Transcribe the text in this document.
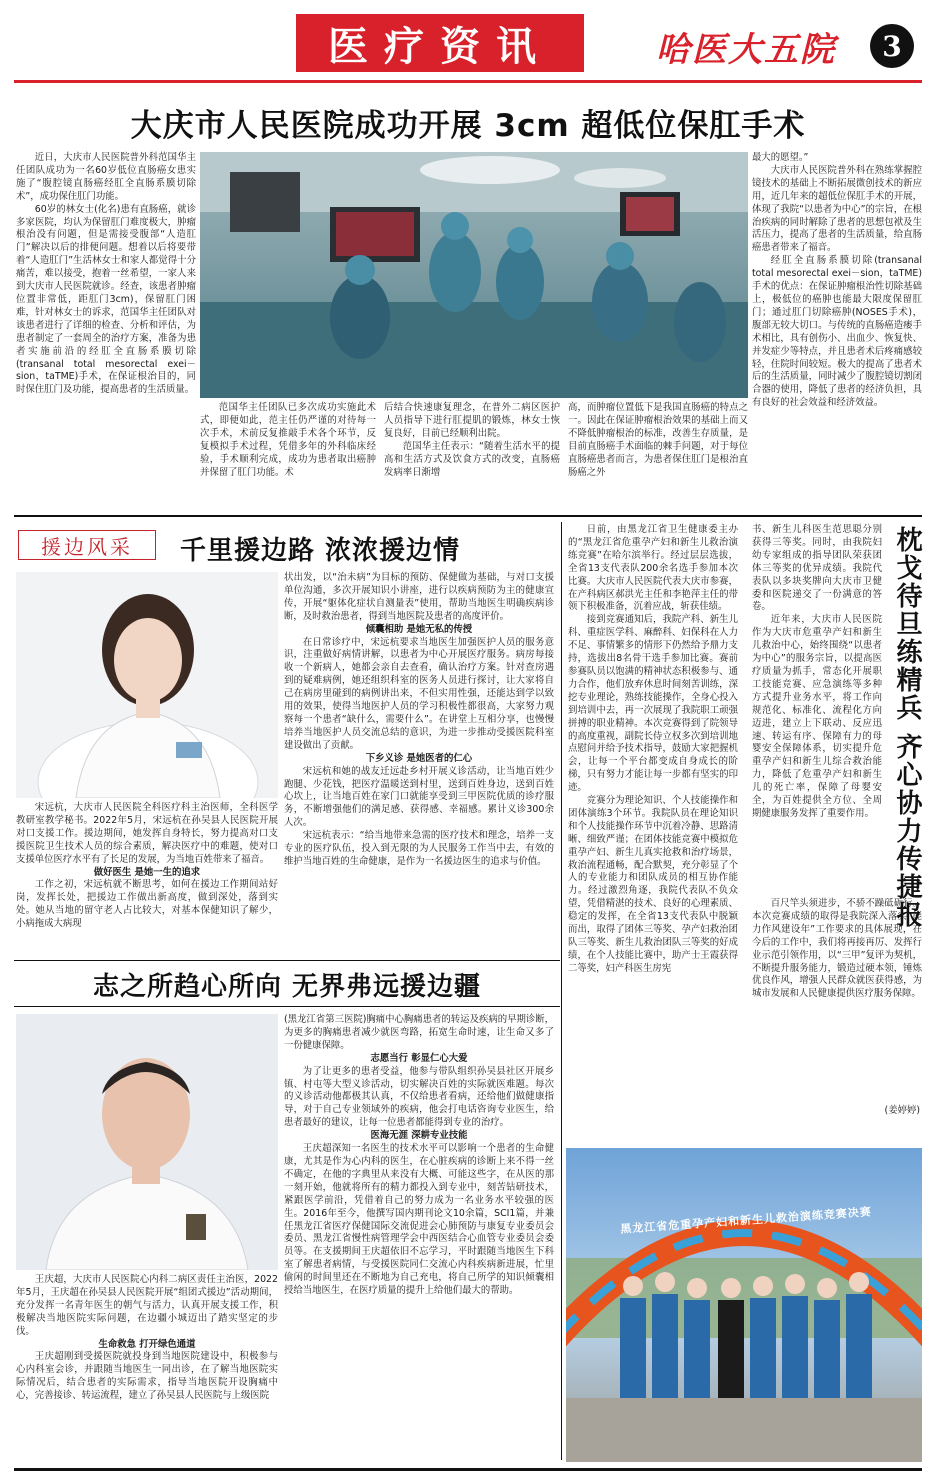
医疗资讯	哈医大五院	3
大庆市人民医院成功开展 3cm 超低位保肛手术

近日，大庆市人民医院普外科范国华主任团队成功为一名60岁低位直肠癌女患实施了“腹腔镜直肠癌经肛全直肠系膜切除术”，成功保住肛门功能。

60岁的林女士(化名)患有直肠癌，就诊多家医院，均认为保留肛门难度极大，肿瘤根治没有问题，但是需接受腹部“人造肛门”解决以后的排便问题。想着以后将要带着“人造肛门”生活林女士和家人都觉得十分痛苦，难以接受，抱着一丝希望，一家人来到大庆市人民医院就诊。经查，该患者肿瘤位置非常低，距肛门3cm)，保留肛门困难，针对林女士的诉求，范国华主任团队对该患者进行了详细的检查、分析和评估，为患者制定了一套周全的治疗方案，准备为患者实施前沿的经肛全直肠系膜切除(transanal total mesorectal exei－sion，taTME)手术，在保证根治目的，同时保住肛门及功能，提高患者的生活质量。

范国华主任团队已多次成功实施此术式，即便如此，范主任仍严谨的对待每一次手术，术前反复推敲手术各个环节，反复模拟手术过程，凭借多年的外科临床经验，手术顺利完成，成功为患者取出癌肿并保留了肛门功能。术

后结合快速康复理念，在普外二病区医护人员指导下进行肛提肌的锻炼，林女士恢复良好，目前已经顺利出院。

范国华主任表示：“随着生活水平的提高和生活方式及饮食方式的改变，直肠癌发病率日渐增

高，而肿瘤位置低下是我国直肠癌的特点之一。因此在保证肿瘤根治效果的基础上而又不降低肿瘤根治的标准，改善生存质量，是目前直肠癌手术面临的棘手问题，对于每位直肠癌患者而言，为患者保住肛门是根治直肠癌之外

最大的愿望。”

大庆市人民医院普外科在熟练掌握腔镜技术的基础上不断拓展微创技术的新应用，近几年来的超低位保肛手术的开展，体现了我院“以患者为中心”的宗旨，在根治疾病的同时解除了患者的思想包袱及生活压力，提高了患者的生活质量，给直肠癌患者带来了福音。

经肛全直肠系膜切除(transanal total mesorectal exei－sion，taTME)手术的优点：在保证肿瘤根治性切除基础上，极低位的癌肿也能最大限度保留肛门；通过肛门切除癌肿(NOSES手术)，腹部无较大切口。与传统的直肠癌造瘘手术相比，具有创伤小、出血少、恢复快、并发症少等特点，并且患者术后疼痛感较轻，住院时间较短。极大的提高了患者术后的生活质量，同时减少了腹腔镜切割闭合器的使用，降低了患者的经济负担，具有良好的社会效益和经济效益。

援边风采 千里援边路 浓浓援边情

宋远杭，大庆市人民医院全科医疗科主治医师，全科医学教研室教学秘书。2022年5月，宋远杭在孙吴县人民医院开展对口支援工作。援边期间，她发挥自身特长，努力提高对口支援医院卫生技术人员的综合素质，解决医疗中的难题，使对口支援单位医疗水平有了长足的发展，为当地百姓带来了福音。

做好医生 是她一生的追求

工作之初，宋远杭就不断思考，如何在援边工作期间站好岗，发挥长处，把援边工作做出新高度，做到深处，落到实处。她从当地的留守老人占比较大，对基本保健知识了解少，小病拖成大病现

状出发，以“治未病”为目标的预防、保健做为基础，与对口支援单位沟通，多次开展知识小讲座，进行以疾病预防为主的健康宣传，开展“躯体化症状自测量表”使用，帮助当地医生明确疾病诊断，及时救治患者，得到当地医院及患者的高度评价。

倾囊相助 是她无私的传授

在日常诊疗中，宋远杭要求当地医生加强医护人员的服务意识，注重做好病情讲解，以患者为中心开展医疗服务。病房每接收一个新病人，她都会亲自去查看，确认治疗方案。针对查房遇到的疑难病例，她还组织科室的医务人员进行探讨，让大家将自己在病房里碰到的病例讲出来，不但实用性强，还能达到学以致用的效果，使得当地医护人员的学习积极性都很高，大家努力观察每一个患者“缺什么，需要什么”。在讲堂上互相分享，也慢慢培养当地医护人员交流总结的意识，为进一步推动受援医院科室建设做出了贡献。

下乡义诊 是她医者的仁心

宋远杭和她的战友迁远赴乡村开展义诊活动，让当地百姓少跑腿、少花钱，把医疗温暖送到村里，送到百姓身边，送到百姓心坎上，让当地百姓在家门口就能享受到三甲医院优质的诊疗服务，不断增强他们的满足感、获得感、幸福感。累计义诊300余人次。

宋远杭表示：“给当地带来急需的医疗技术和理念，培养一支专业的医疗队伍，投入到无限的为人民服务工作当中去，有效的维护当地百姓的生命健康，是作为一名援边医生的追求与价值。

志之所趋心所向 无界弗远援边疆

王庆超，大庆市人民医院心内科二病区责任主治医，2022年5月，王庆超在孙吴县人民医院开展“组团式援边”活动期间，充分发挥一名青年医生的朝气与活力，认真开展支援工作，积极解决当地医院实际问题，在边疆小城迈出了踏实坚定的步伐。

生命救急 打开绿色通道

王庆超刚到受援医院就投身到当地医院建设中，积极参与心内科室会诊，并跟随当地医生一同出诊，在了解当地医院实际情况后，结合患者的实际需求，指导当地医院开设胸痛中心，完善接诊、转运流程，建立了孙吴县人民医院与上级医院

(黑龙江省第三医院)胸痛中心胸痛患者的转运及疾病的早期诊断，为更多的胸痛患者减少就医弯路，拓宽生命时速，让生命又多了一份健康保障。

志愿当行 彰显仁心大爱

为了让更多的患者受益，他参与带队组织孙吴县社区开展乡镇、村屯等大型义诊活动，切实解决百姓的实际就医难题。每次的义诊活动他都极其认真，不仅给患者看病，还给他们做健康指导，对于自己专业领域外的疾病，他会打电话咨询专业医生，给患者最好的建议，让每一位患者都能得到专业的治疗。

医海无涯 深耕专业技能

王庆超深知一名医生的技术水平可以影响一个患者的生命健康，尤其是作为心内科的医生，在心脏疾病的诊断上来不得一丝不确定，在他的字典里从来没有大概、可能这些字，在从医的那一刻开始，他就将所有的精力都投入到专业中，刻苦钻研技术，紧跟医学前沿，凭借着自己的努力成为一名业务水平较强的医生。2016年至今，他撰写国内期刊论文10余篇，SCI1篇，并兼任黑龙江省医疗保健国际交流促进会心肺预防与康复专业委员会委员、黑龙江省慢性病管理学会中西医结合心血管专业委员会委员等。在支援期间王庆超依旧不忘学习，平时跟随当地医生下科室了解患者病情，与受援医院同仁交流心内科疾病新进展，忙里偷闲的时间里还在不断地为自己充电，将自己所学的知识倾囊相授给当地医生，在医疗质量的提升上给他们最大的帮助。

日前，由黑龙江省卫生健康委主办的“黑龙江省危重孕产妇和新生儿救治演练竞赛”在哈尔滨举行。经过层层选拔，全省13支代表队200余名选手参加本次比赛。大庆市人民医院代表大庆市参赛，在产科病区郝洪光主任和李艳萍主任的带领下积极准备，沉着应战，斩获佳绩。

接到竞赛通知后，我院产科、新生儿科、重症医学科、麻醉科、妇保科在人力不足、事情繁多的情形下仍然给予鼎力支持，选拔出8名骨干选手参加比赛。赛前参赛队员以饱满的精神状态积极参与、通力合作，他们放弃休息时间刻苦训练，深挖专业理论，熟练技能操作，全身心投入到培训中去，再一次展现了我院职工顽强拼搏的职业精神。本次竞赛得到了院领导的高度重视，副院长侍立权多次到培训地点慰问并给予技术指导，鼓励大家把握机会，让每一个平台都变成自身成长的阶梯，只有努力才能让每一步都有坚实的印迹。

竞赛分为理论知识、个人技能操作和团体演练3个环节。我院队员在理论知识和个人技能操作环节中沉着冷静、思路清晰、细致严谨；在团体技能竞赛中模拟危重孕产妇、新生儿真实抢救和治疗场景，救治流程通畅，配合默契，充分彰显了个人的专业能力和团队成员的相互协作能力。经过激烈角逐，我院代表队不负众望，凭借精湛的技术、良好的心理素质、稳定的发挥，在全省13支代表队中脱颖而出，取得了团体三等奖、孕产妇救治团队三等奖、新生儿救治团队三等奖的好成绩，在个人技能比赛中，助产士王霞获得二等奖，妇产科医生房宪

书、新生儿科医生范思聪分别获得三等奖。同时，由我院妇幼专家组成的指导团队荣获团体三等奖的优异成绩。我院代表队以多块奖牌向大庆市卫健委和医院递交了一份满意的答卷。

近年来，大庆市人民医院作为大庆市危重孕产妇和新生儿救治中心，始终围绕“以患者为中心”的服务宗旨，以提高医疗质量为抓手，常态化开展职工技能竞赛、应急演练等多种方式提升业务水平，将工作向规范化、标准化、流程化方向迈进，建立上下联动、反应迅速、转运有序、保障有力的母婴安全保障体系，切实提升危重孕产妇和新生儿综合救治能力，降低了危重孕产妇和新生儿的死亡率，保障了母婴安全，为百姓提供全方位、全周期健康服务发挥了重要作用。

百尺竿头须进步，不骄不躁砥砺行。本次竞赛成绩的取得是我院深入落实“能力作风建设年”工作要求的具体展现，在今后的工作中，我们将再接再厉、发挥行业示范引领作用，以“三甲”复评为契机，不断提升服务能力，锻造过硬本领，锤炼优良作风，增强人民群众就医获得感，为城市发展和人民健康提供医疗服务保障。

(姜婷婷)
枕戈待旦练精兵 齐心协力传捷报
黑龙江省危重孕产妇和新生儿救治演练竞赛决赛
